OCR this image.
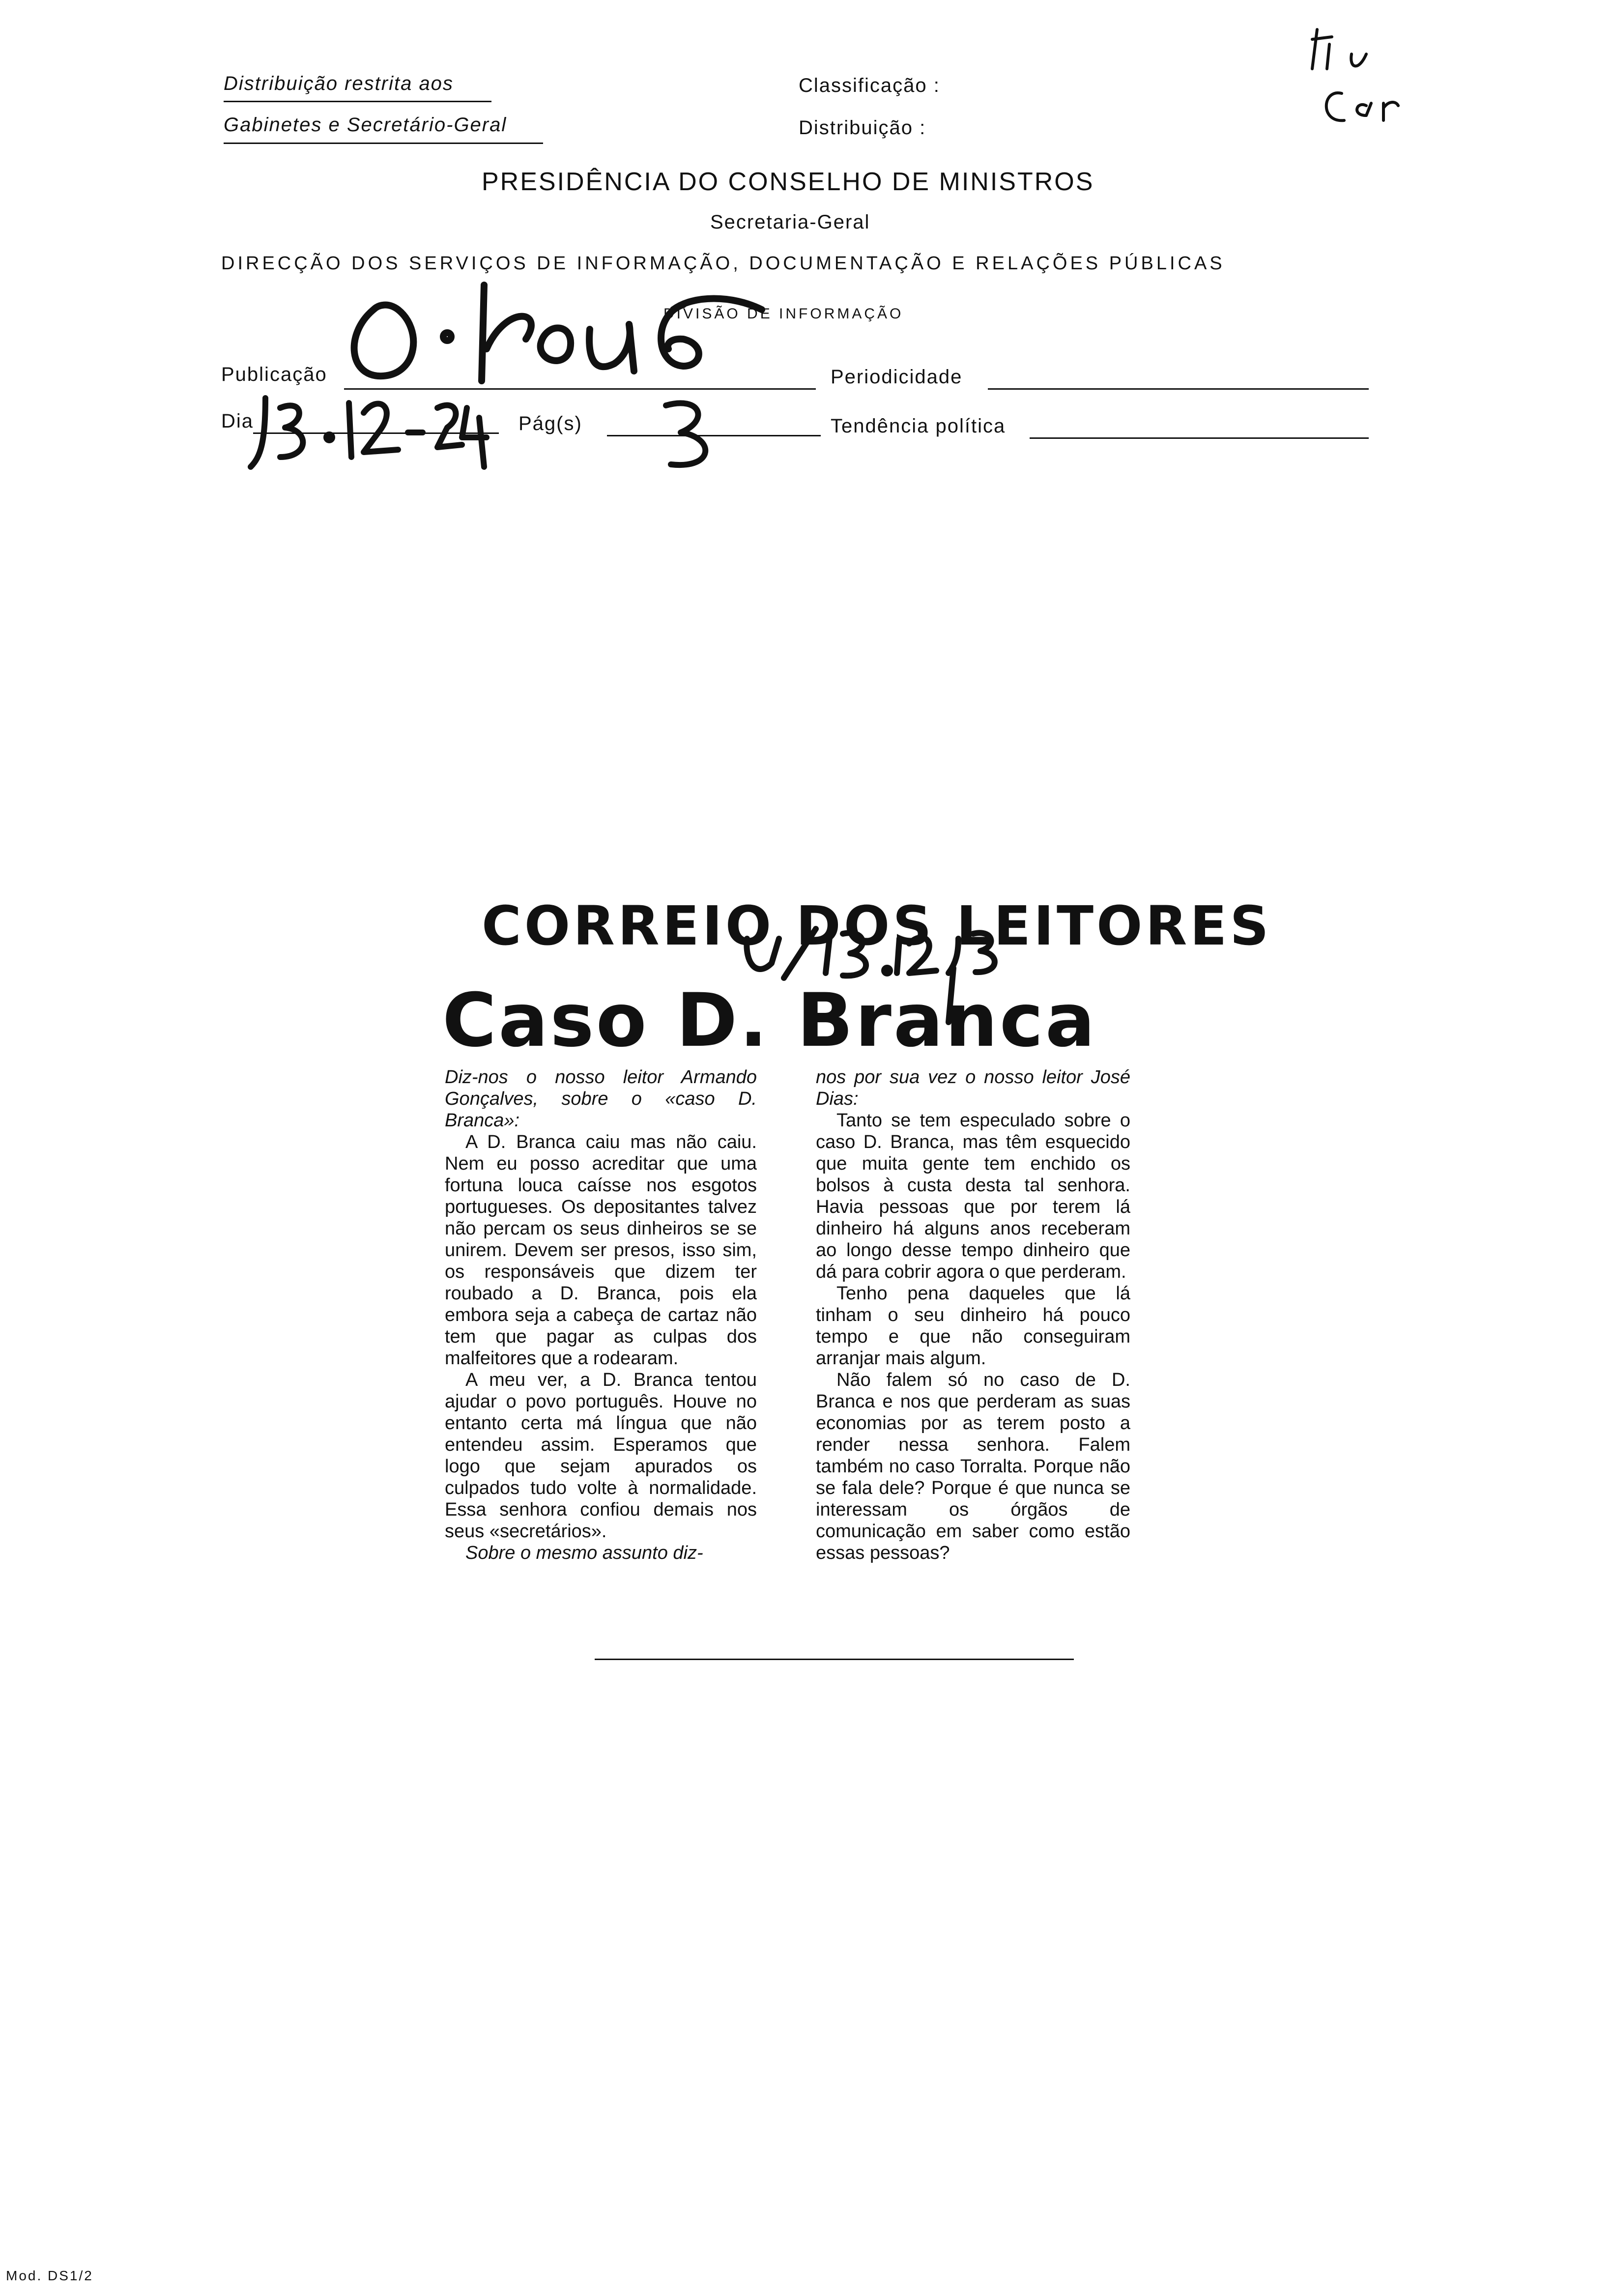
Distribuição restrita aos
Gabinetes e Secretário-Geral
Classificação :
Distribuição :
PRESIDÊNCIA DO CONSELHO DE MINISTROS
Secretaria-Geral
DIRECÇÃO DOS SERVIÇOS DE INFORMAÇÃO, DOCUMENTAÇÃO E RELAÇÕES PÚBLICAS
DIVISÃO DE INFORMAÇÃO
Publicação	Periodicidade
Dia	Pág(s)	Tendência política
CORREIO DOS LEITORES
Caso D. Branca

Diz-nos o nosso leitor Armando Gonçalves, sobre o «caso D. Branca»:

A D. Branca caiu mas não caiu. Nem eu posso acreditar que uma fortuna louca caísse nos esgotos portugueses. Os depositantes talvez não percam os seus dinheiros se se unirem. Devem ser presos, isso sim, os responsáveis que dizem ter roubado a D. Branca, pois ela embora seja a cabeça de cartaz não tem que pagar as culpas dos malfeitores que a rodearam.

A meu ver, a D. Branca tentou ajudar o povo português. Houve no entanto certa má língua que não entendeu assim. Esperamos que logo que sejam apurados os culpados tudo volte à normalidade. Essa senhora confiou demais nos seus «secretários».

Sobre o mesmo assunto diz-

nos por sua vez o nosso leitor José Dias:

Tanto se tem especulado sobre o caso D. Branca, mas têm esquecido que muita gente tem enchido os bolsos à custa desta tal senhora. Havia pessoas que por terem lá dinheiro há alguns anos receberam ao longo desse tempo dinheiro que dá para cobrir agora o que perderam.

Tenho pena daqueles que lá tinham o seu dinheiro há pouco tempo e que não conseguiram arranjar mais algum.

Não falem só no caso de D. Branca e nos que perderam as suas economias por as terem posto a render nessa senhora. Falem também no caso Torralta. Porque não se fala dele? Porque é que nunca se interessam os órgãos de comunicação em saber como estão essas pessoas?

Mod. DS1/2
